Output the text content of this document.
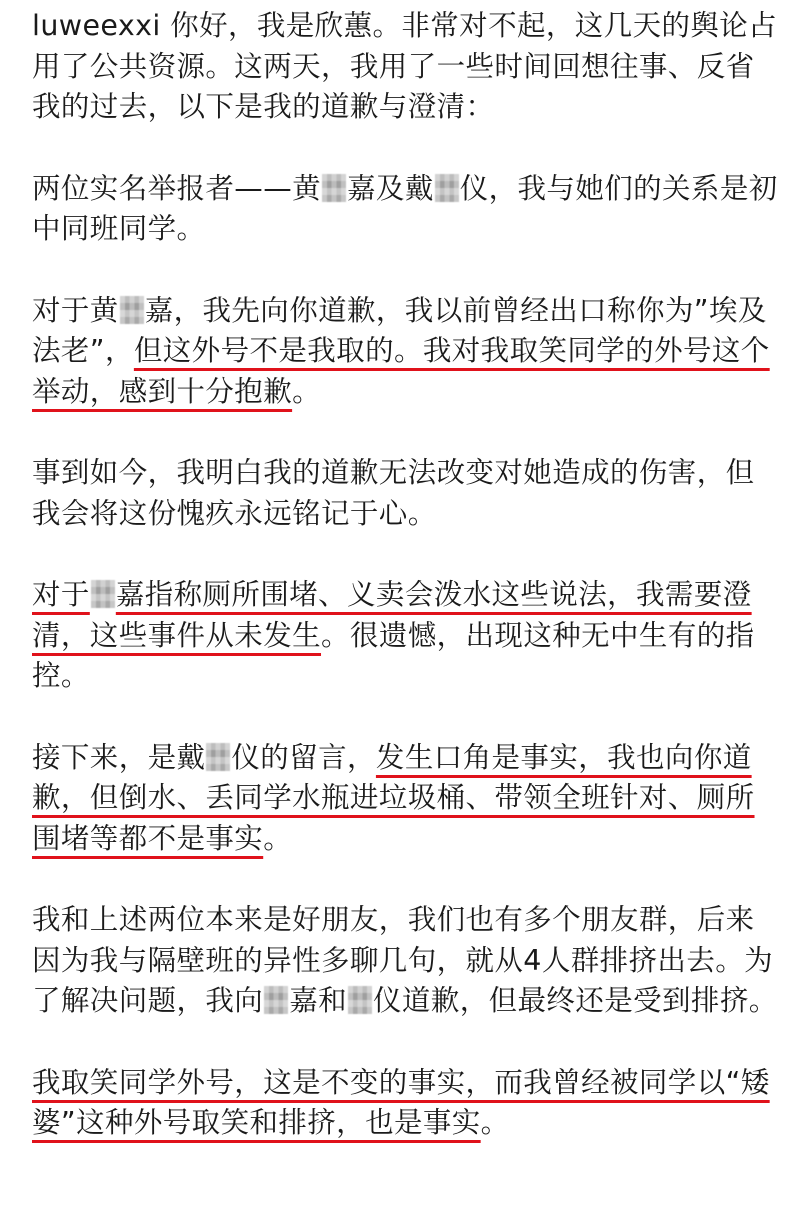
luweexxi 你好，我是欣蕙。非常对不起，这几天的舆论占用了公共资源。这两天，我用了一些时间回想往事、反省我的过去，以下是我的道歉与澄清：

两位实名举报者——黄 嘉及戴 仪，我与她们的关系是初中同班同学。

对于黄 嘉，我先向你道歉，我以前曾经出口称你为”埃及法老”，但这外号不是我取的。我对我取笑同学的外号这个举动，感到十分抱歉。

事到如今，我明白我的道歉无法改变对她造成的伤害，但我会将这份愧疚永远铭记于心。

对于 嘉指称厕所围堵、义卖会泼水这些说法，我需要澄清，这些事件从未发生。很遗憾，出现这种无中生有的指控。

接下来，是戴 仪的留言，发生口角是事实，我也向你道歉，但倒水、丢同学水瓶进垃圾桶、带领全班针对、厕所围堵等都不是事实。

我和上述两位本来是好朋友，我们也有多个朋友群，后来因为我与隔壁班的异性多聊几句，就从4人群排挤出去。为了解决问题，我向 嘉和 仪道歉，但最终还是受到排挤。

我取笑同学外号，这是不变的事实，而我曾经被同学以“矮婆”这种外号取笑和排挤，也是事实。
